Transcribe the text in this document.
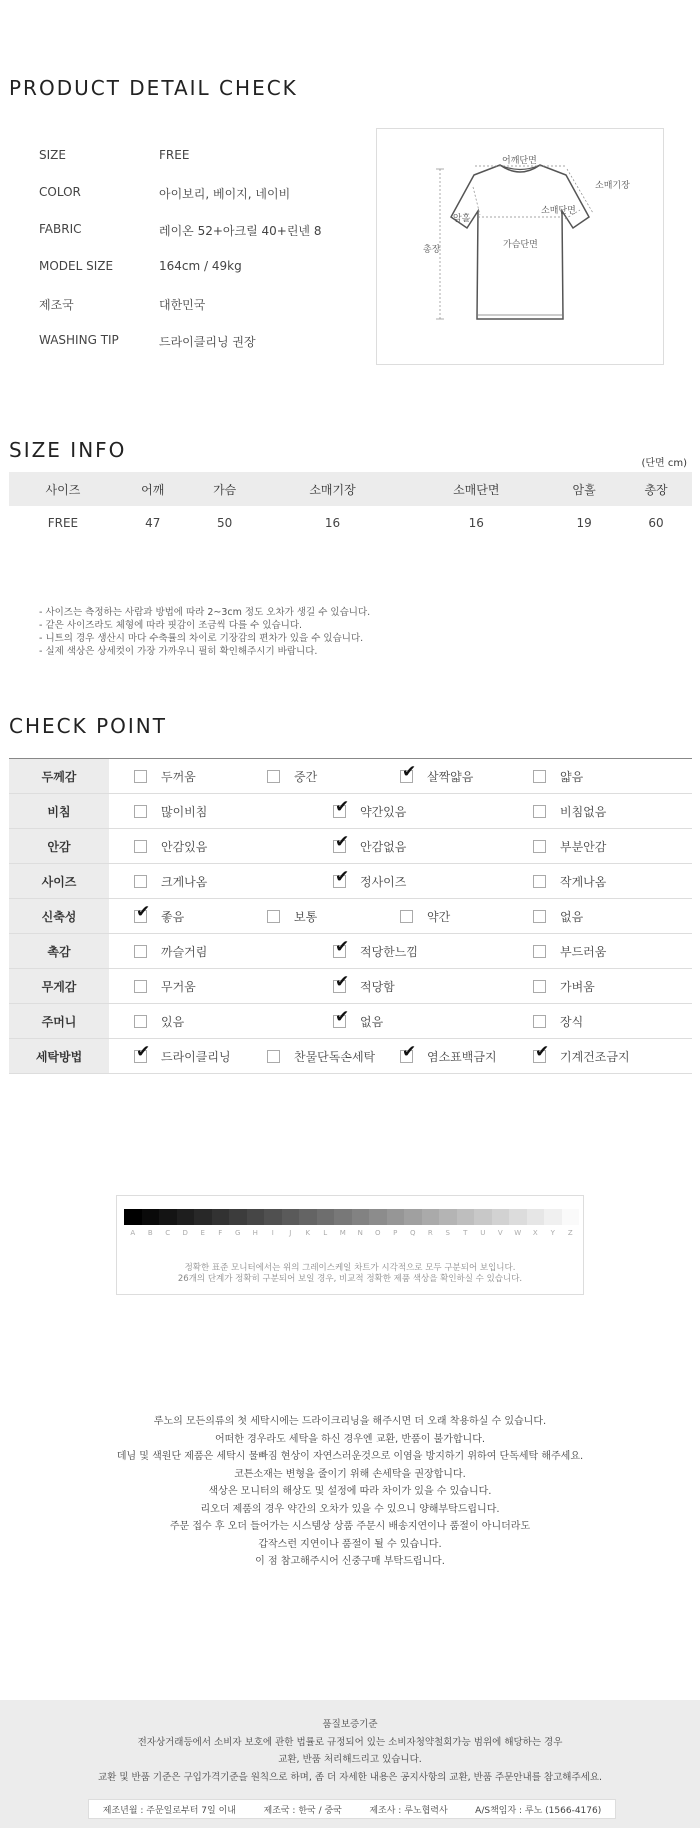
PRODUCT DETAIL CHECK
SIZE	FREE
COLOR	아이보리, 베이지, 네이비
FABRIC	레이온 52+아크릴 40+린넨 8
MODEL SIZE	164cm / 49kg
제조국	대한민국
WASHING TIP	드라이클리닝 권장
어깨단면
소매기장
암홀
소매단면
가슴단면
총장
SIZE INFO
(단면 cm)
사이즈	어깨	가슴	소매기장	소매단면	암홀	총장
FREE	47	50	16	16	19	60
- 사이즈는 측정하는 사람과 방법에 따라 2~3cm 정도 오차가 생길 수 있습니다.
- 같은 사이즈라도 체형에 따라 핏감이 조금씩 다를 수 있습니다.
- 니트의 경우 생산시 마다 수축률의 차이로 기장감의 편차가 있을 수 있습니다.
- 실제 색상은 상세컷이 가장 가까우니 필히 확인해주시기 바랍니다.
CHECK POINT
두께감	두꺼움	중간	✔ 살짝얇음	얇음
비침	많이비침	✔ 약간있음	비침없음
안감	안감있음	✔ 안감없음	부분안감
사이즈	크게나옴	✔ 정사이즈	작게나옴
신축성	✔ 좋음	보통	약간	없음
촉감	까슬거림	✔ 적당한느낌	부드러움
무게감	무거움	✔ 적당함	가벼움
주머니	있음	✔ 없음	장식
세탁방법	✔ 드라이클리닝	찬물단독손세탁 ✔ 염소표백금지 ✔ 기계건조금지
A	B	C	D	E	F	G	H	I	J	K	L	M	N	O	P	Q	R	S	T	U	V	W	X	Y	Z
정확한 표준 모니터에서는 위의 그레이스케일 차트가 시각적으로 모두 구분되어 보입니다.
26개의 단계가 정확히 구분되어 보일 경우, 비교적 정확한 제품 색상을 확인하실 수 있습니다.
루노의 모든의류의 첫 세탁시에는 드라이크리닝을 해주시면 더 오래 착용하실 수 있습니다.
어떠한 경우라도 세탁을 하신 경우엔 교환, 반품이 불가합니다.
데님 및 색원단 제품은 세탁시 물빠짐 현상이 자연스러운것으로 이염을 방지하기 위하여 단독세탁 해주세요.
코튼소재는 변형을 줄이기 위해 손세탁을 권장합니다.
색상은 모니터의 해상도 및 설정에 따라 차이가 있을 수 있습니다.
리오더 제품의 경우 약간의 오차가 있을 수 있으니 양해부탁드립니다.
주문 접수 후 오더 들어가는 시스템상 상품 주문시 배송지연이나 품절이 아니더라도
갑작스런 지연이나 품절이 될 수 있습니다.
이 점 참고해주시어 신중구매 부탁드립니다.
품질보증기준
전자상거래등에서 소비자 보호에 관한 법률로 규정되어 있는 소비자청약철회가능 범위에 해당하는 경우
교환, 반품 처리해드리고 있습니다.
교환 및 반품 기준은 구입가격기준을 원칙으로 하며, 좀 더 자세한 내용은 공지사항의 교환, 반품 주문안내를 참고해주세요.
제조년월 : 주문일로부터 7일 이내	제조국 : 한국 / 중국	제조사 : 루노협력사	A/S책임자 : 루노 (1566-4176)
